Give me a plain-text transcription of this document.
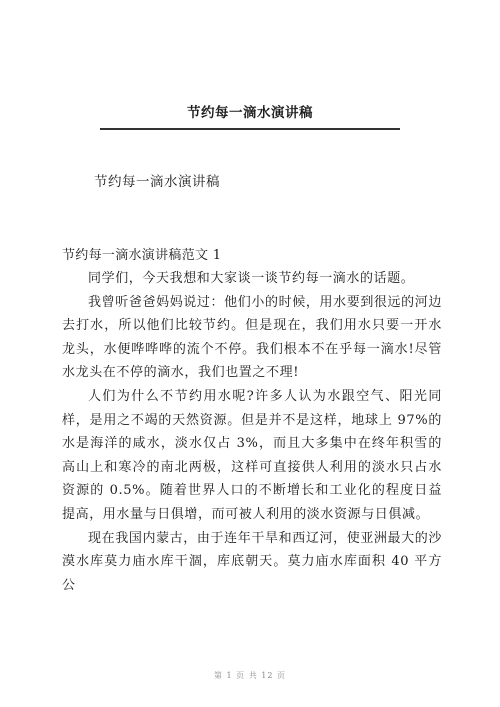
节约每一滴水演讲稿
节约每一滴水演讲稿
节约每一滴水演讲稿范文 1

同学们，今天我想和大家谈一谈节约每一滴水的话题。

我曾听爸爸妈妈说过：他们小的时候，用水要到很远的河边去打水，所以他们比较节约。但是现在，我们用水只要一开水龙头，水便哗哗哗的流个不停。我们根本不在乎每一滴水!尽管水龙头在不停的滴水，我们也置之不理!

人们为什么不节约用水呢?许多人认为水跟空气、阳光同样，是用之不竭的天然资源。但是并不是这样，地球上 97%的水是海洋的咸水，淡水仅占 3%，而且大多集中在终年积雪的高山上和寒冷的南北两极，这样可直接供人利用的淡水只占水资源的 0.5%。随着世界人口的不断增长和工业化的程度日益提高，用水量与日俱增，而可被人利用的淡水资源与日俱减。

现在我国内蒙古，由于连年干旱和西辽河，使亚洲最大的沙漠水库莫力庙水库干涸，库底朝天。莫力庙水库面积 40 平方公

第 1 页 共 12 页
